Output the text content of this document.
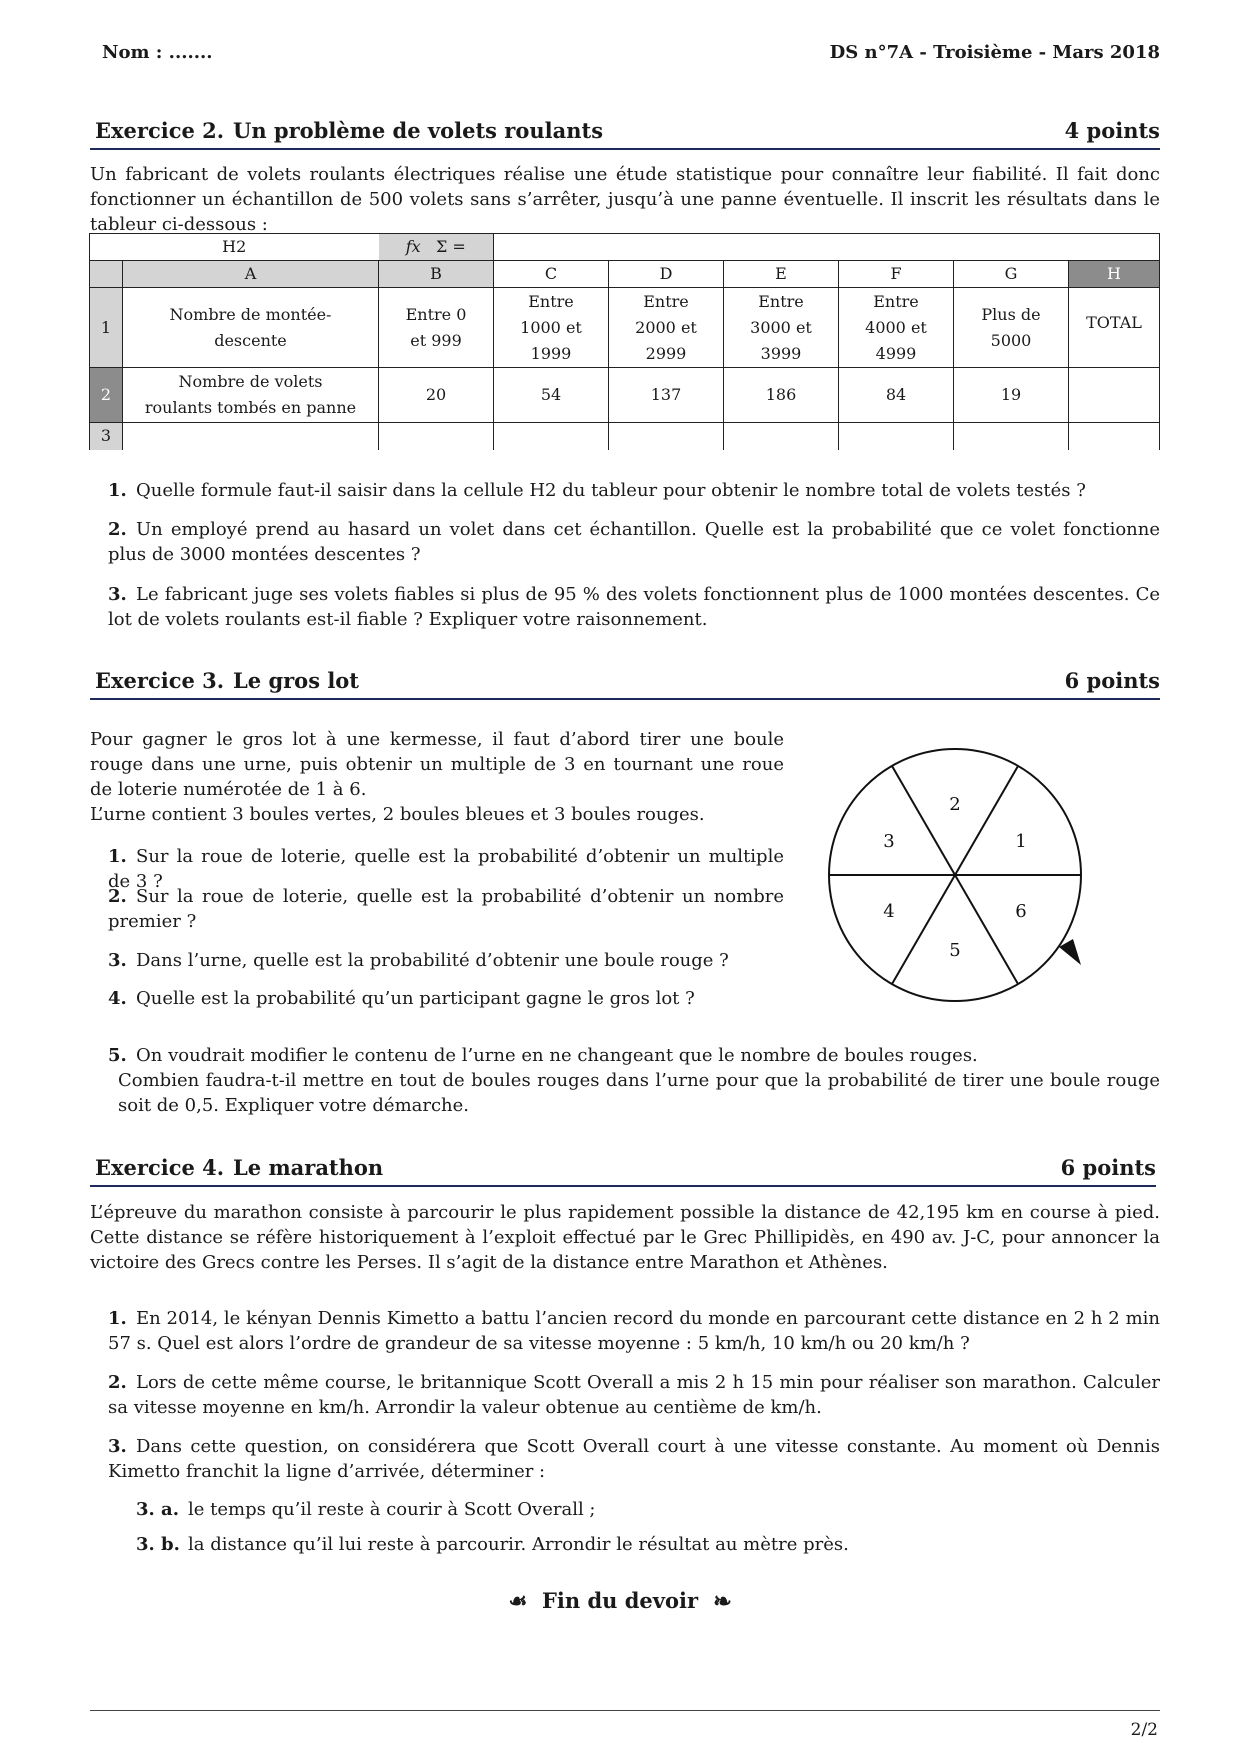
Nom : .......	DS n°7A - Troisième - Mars 2018
Exercice 2. Un problème de volets roulants	4 points
Un fabricant de volets roulants électriques réalise une étude statistique pour connaître leur fiabilité. Il fait donc fonctionner un échantillon de 500 volets sans s’arrêter, jusqu’à une panne éventuelle. Il inscrit les résultats dans le tableur ci-dessous :
H2		fx Σ =						
	A	B	C	D	E	F	G	H
1	Nombre de montée-descente	Entre 0 et 999	Entre 1000 et 1999	Entre 2000 et 2999	Entre 3000 et 3999	Entre 4000 et 4999	Plus de 5000	TOTAL
2	Nombre de volets roulants tombés en panne	20	54	137	186	84	19	
3								
1. Quelle formule faut-il saisir dans la cellule H2 du tableur pour obtenir le nombre total de volets testés ?
2. Un employé prend au hasard un volet dans cet échantillon. Quelle est la probabilité que ce volet fonctionne plus de 3000 montées descentes ?
3. Le fabricant juge ses volets fiables si plus de 95 % des volets fonctionnent plus de 1000 montées descentes. Ce lot de volets roulants est-il fiable ? Expliquer votre raisonnement.
Exercice 3. Le gros lot	6 points
Pour gagner le gros lot à une kermesse, il faut d’abord tirer une boule rouge dans une urne, puis obtenir un multiple de 3 en tournant une roue de loterie numérotée de 1 à 6.
L’urne contient 3 boules vertes, 2 boules bleues et 3 boules rouges.
1. Sur la roue de loterie, quelle est la probabilité d’obtenir un multiple de 3 ?
2. Sur la roue de loterie, quelle est la probabilité d’obtenir un nombre premier ?
3. Dans l’urne, quelle est la probabilité d’obtenir une boule rouge ?
4. Quelle est la probabilité qu’un participant gagne le gros lot ?
5. On voudrait modifier le contenu de l’urne en ne changeant que le nombre de boules rouges.
Combien faudra-t-il mettre en tout de boules rouges dans l’urne pour que la probabilité de tirer une boule rouge soit de 0,5. Expliquer votre démarche.
1
2
3
4
5
6
Exercice 4. Le marathon	6 points
L’épreuve du marathon consiste à parcourir le plus rapidement possible la distance de 42,195 km en course à pied. Cette distance se réfère historiquement à l’exploit effectué par le Grec Phillipidès, en 490 av. J-C, pour annoncer la victoire des Grecs contre les Perses. Il s’agit de la distance entre Marathon et Athènes.
1. En 2014, le kényan Dennis Kimetto a battu l’ancien record du monde en parcourant cette distance en 2 h 2 min 57 s. Quel est alors l’ordre de grandeur de sa vitesse moyenne : 5 km/h, 10 km/h ou 20 km/h ?
2. Lors de cette même course, le britannique Scott Overall a mis 2 h 15 min pour réaliser son marathon. Calculer sa vitesse moyenne en km/h. Arrondir la valeur obtenue au centième de km/h.
3. Dans cette question, on considérera que Scott Overall court à une vitesse constante. Au moment où Dennis Kimetto franchit la ligne d’arrivée, déterminer :
3. a. le temps qu’il reste à courir à Scott Overall ;
3. b. la distance qu’il lui reste à parcourir. Arrondir le résultat au mètre près.
☙ Fin du devoir ☙
2/2
